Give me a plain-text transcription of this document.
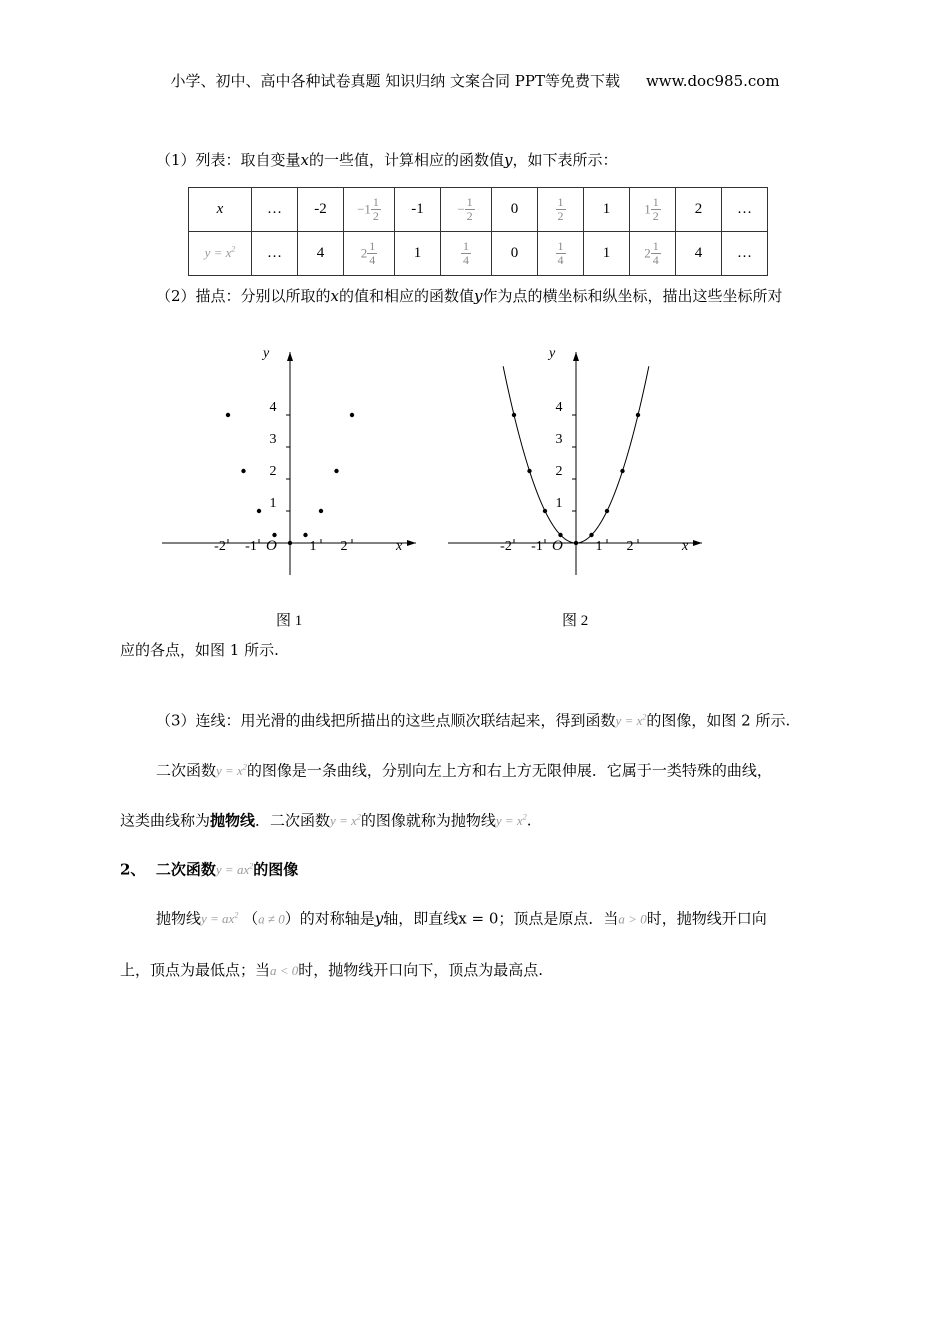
小学、初中、高中各种试卷真题 知识归纳 文案合同 PPT等免费下载 www.doc985.com
（1）列表：取自变量x的一些值，计算相应的函数值y，如下表所示：
x	…	-2	$-1 \frac{1}{2}$	-1	− $\frac{1}{2}$	0	$\frac{1}{2}$	1	$1 \frac{1}{2}$	2	…
$y = x^2$	…	4	$2 \frac{1}{4}$	1	$\frac{1}{4}$	0	$\frac{1}{4}$	1	$2 \frac{1}{4}$	4	…
（2）描点：分别以所取的x的值和相应的函数值y作为点的横坐标和纵坐标，描出这些坐标所对
1
2
3
4
-2 -1	1 2
O
y
x
图 1
1
2
3
4
-2 -1	1 2
O
y
x
图 2
应的各点，如图 1 所示.
（3）连线：用光滑的曲线把所描出的这些点顺次联结起来，得到函数$y = x^2$的图像，如图 2 所示.
二次函数$y = x^2$的图像是一条曲线，分别向左上方和右上方无限伸展．它属于一类特殊的曲线，
这类曲线称为抛物线．二次函数$y = x^2$的图像就称为抛物线$y = x^2$.
2、 二次函数$y = ax^2$的图像
抛物线$y = ax^2$ （a ≠ 0）的对称轴是y轴，即直线x = 0；顶点是原点．当a > 0时，抛物线开口向
上，顶点为最低点；当a < 0时，抛物线开口向下，顶点为最高点.
